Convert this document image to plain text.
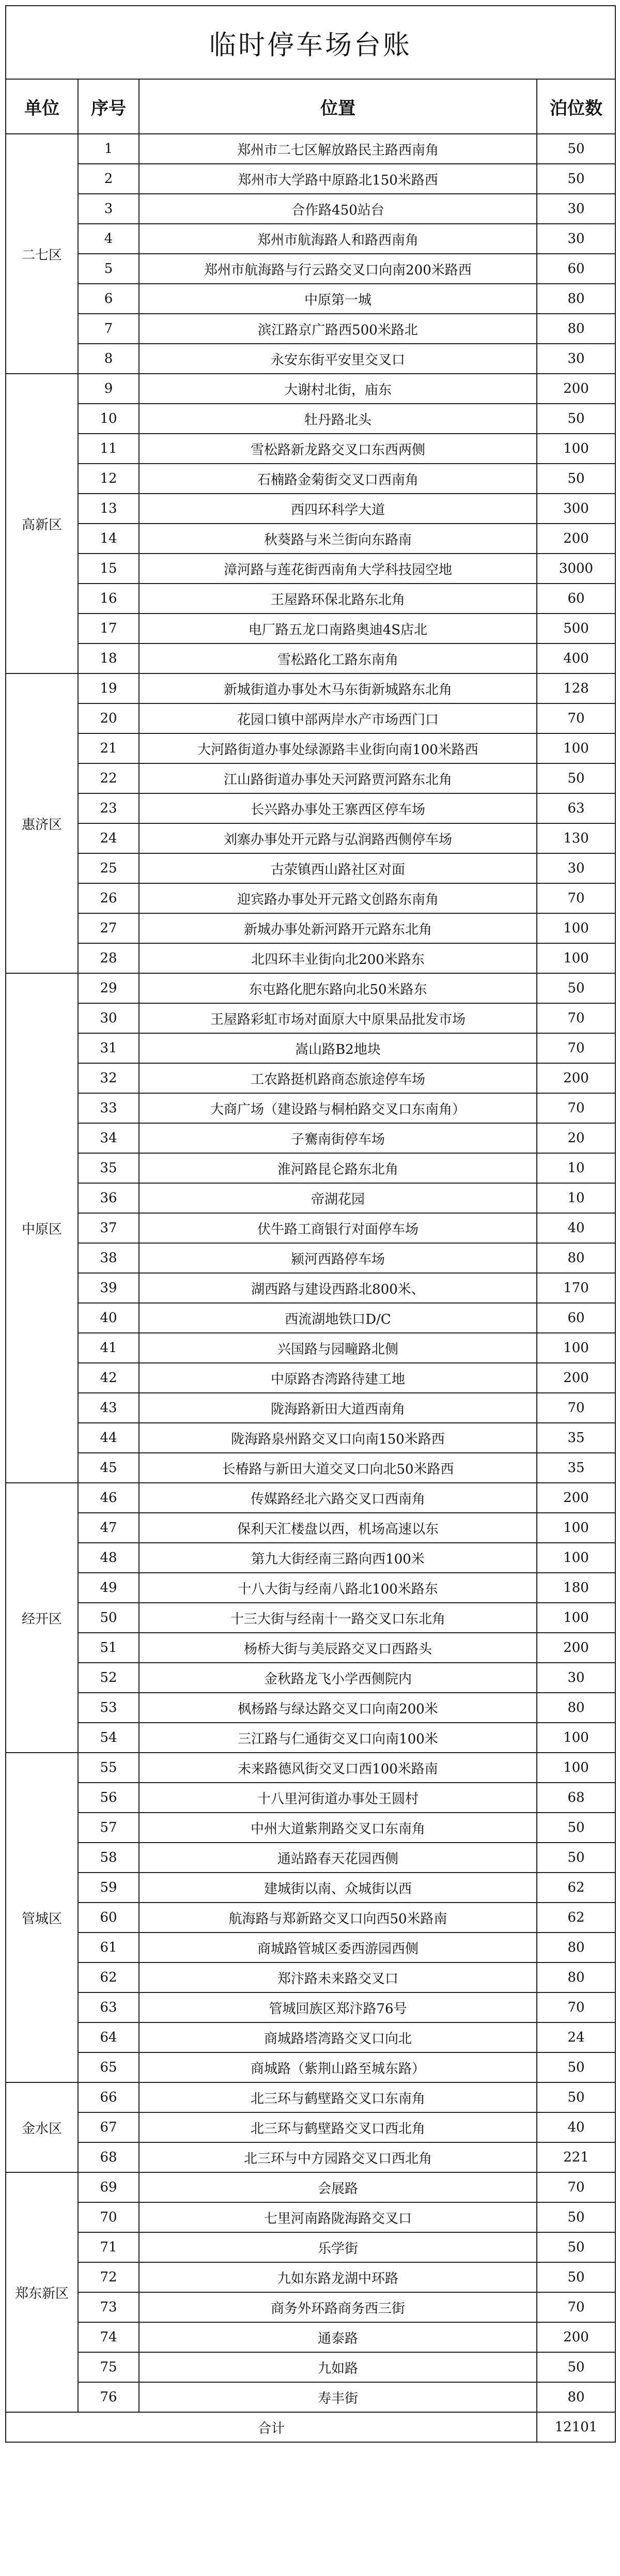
临时停车场台账			
单位	序号	位置	泊位数
二七区	1	郑州市二七区解放路民主路西南角	50
	2	郑州市大学路中原路北150米路西	50
	3	合作路450站台	30
	4	郑州市航海路人和路西南角	30
	5	郑州市航海路与行云路交叉口向南200米路西	60
	6	中原第一城	80
	7	滨江路京广路西500米路北	80
	8	永安东街平安里交叉口	30
高新区	9	大谢村北街，庙东	200
	10	牡丹路北头	50
	11	雪松路新龙路交叉口东西两侧	100
	12	石楠路金菊街交叉口西南角	50
	13	西四环科学大道	300
	14	秋葵路与米兰街向东路南	200
	15	漳河路与莲花街西南角大学科技园空地	3000
	16	王屋路环保北路东北角	60
	17	电厂路五龙口南路奥迪4S店北	500
	18	雪松路化工路东南角	400
惠济区	19	新城街道办事处木马东街新城路东北角	128
	20	花园口镇中部两岸水产市场西门口	70
	21	大河路街道办事处绿源路丰业街向南100米路西	100
	22	江山路街道办事处天河路贾河路东北角	50
	23	长兴路办事处王寨西区停车场	63
	24	刘寨办事处开元路与弘润路西侧停车场	130
	25	古荥镇西山路社区对面	30
	26	迎宾路办事处开元路文创路东南角	70
	27	新城办事处新河路开元路东北角	100
	28	北四环丰业街向北200米路东	100
中原区	29	东屯路化肥东路向北50米路东	50
	30	王屋路彩虹市场对面原大中原果品批发市场	70
	31	嵩山路B2地块	70
	32	工农路挺机路商态旅途停车场	200
	33	大商广场（建设路与桐柏路交叉口东南角）	70
	34	子騫南街停车场	20
	35	淮河路昆仑路东北角	10
	36	帝湖花园	10
	37	伏牛路工商银行对面停车场	40
	38	颍河西路停车场	80
	39	湖西路与建设西路北800米、	170
	40	西流湖地铁口D/C	60
	41	兴国路与园疃路北侧	100
	42	中原路杏湾路待建工地	200
	43	陇海路新田大道西南角	70
	44	陇海路泉州路交叉口向南150米路西	35
	45	长椿路与新田大道交叉口向北50米路西	35
经开区	46	传媒路经北六路交叉口西南角	200
	47	保利天汇楼盘以西，机场高速以东	100
	48	第九大街经南三路向西100米	100
	49	十八大街与经南八路北100米路东	180
	50	十三大街与经南十一路交叉口东北角	100
	51	杨桥大街与美辰路交叉口西路头	200
	52	金秋路龙飞小学西侧院内	30
	53	枫杨路与绿达路交叉口向南200米	80
	54	三江路与仁通街交叉口向南100米	100
管城区	55	未来路德风街交叉口西100米路南	100
	56	十八里河街道办事处王圆村	68
	57	中州大道紫荆路交叉口东南角	50
	58	通站路春天花园西侧	50
	59	建城街以南、众城街以西	62
	60	航海路与郑新路交叉口向西50米路南	62
	61	商城路管城区委西游园西侧	80
	62	郑汴路未来路交叉口	80
	63	管城回族区郑汴路76号	70
	64	商城路塔湾路交叉口向北	24
	65	商城路（紫荆山路至城东路）	50
金水区	66	北三环与鹤壁路交叉口东南角	50
	67	北三环与鹤壁路交叉口西北角	40
	68	北三环与中方园路交叉口西北角	221
郑东新区	69	会展路	70
	70	七里河南路陇海路交叉口	50
	71	乐学街	50
	72	九如东路龙湖中环路	50
	73	商务外环路商务西三街	70
	74	通泰路	200
	75	九如路	50
	76	寿丰街	80
合计			12101
